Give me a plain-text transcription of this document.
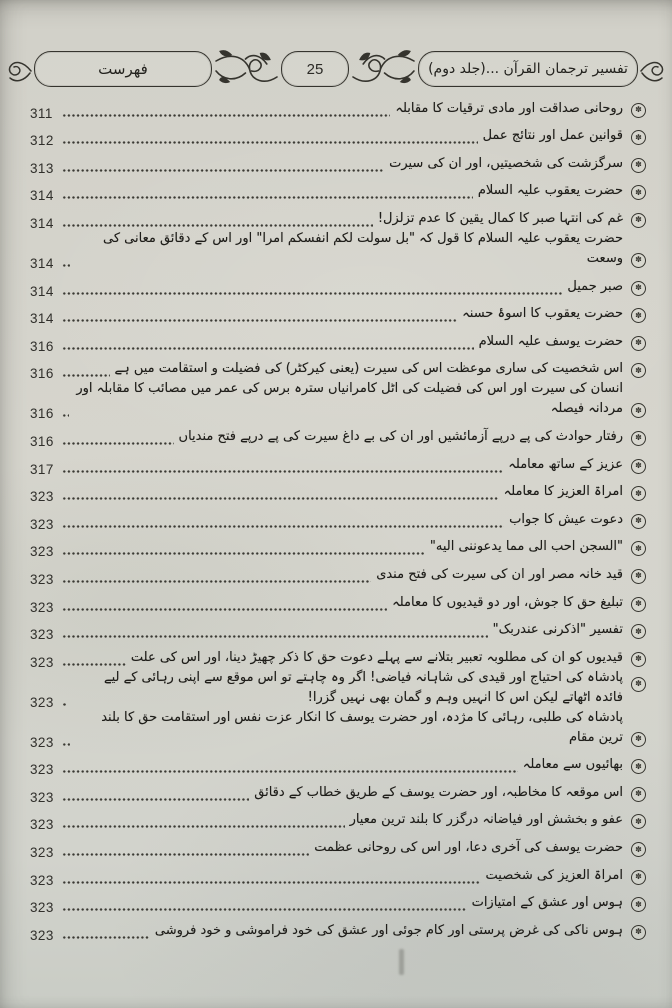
تفسير ترجمان القرآن ...(جلد دوم)
25
فهرست
✽
روحانی صداقت اور مادی ترقیات کا مقابلہ
311
✽
قوانین عمل اور نتائج عمل
312
✽
سرگزشت کی شخصیتیں، اور ان کی سیرت
313
✽
حضرت یعقوب علیہ السلام
314
✽
غم کی انتہا صبر کا کمال یقین کا عدم تزلزل!
314
✽
حضرت یعقوب علیہ السلام کا قول کہ "بل سولت لکم انفسکم امرا" اور اس کے دقائق معانی کی وسعت
314
✽
صبر جمیل
314
✽
حضرت یعقوب کا اسوۂ حسنہ
314
✽
حضرت یوسف علیہ السلام
316
✽
اس شخصیت کی ساری موعظت اس کی سیرت (یعنی کیرکٹر) کی فضیلت و استقامت میں ہے
316
✽
انسان کی سیرت اور اس کی فضیلت کی اٹل کامرانیاں سترہ برس کی عمر میں مصائب کا مقابلہ اور مردانہ فیصلہ
316
✽
رفتار حوادث کی پے درپے آزمائشیں اور ان کی بے داغ سیرت کی پے درپے فتح مندیاں
316
✽
عزیز کے ساتھ معاملہ
317
✽
امراۃ العزیز کا معاملہ
323
✽
دعوت عیش کا جواب
323
✽
"السجن احب الی مما یدعوننی الیه"
323
✽
قید خانہ مصر اور ان کی سیرت کی فتح مندی
323
✽
تبلیغ حق کا جوش، اور دو قیدیوں کا معاملہ
323
✽
تفسیر "اذکرنی عندربک"
323
✽
قیدیوں کو ان کی مطلوبہ تعبیر بتلانے سے پہلے دعوت حق کا ذکر چھیڑ دینا، اور اس کی علت
323
✽
پادشاہ کی احتیاج اور قیدی کی شاہانہ فیاضی! اگر وہ چاہتے تو اس موقع سے اپنی رہائی کے لیے فائدہ اٹھاتے لیکن اس کا انہیں وہم و گمان بھی نہیں گزرا!
323
✽
پادشاہ کی طلبی، رہائی کا مژدہ، اور حضرت یوسف کا انکار عزت نفس اور استقامت حق کا بلند ترین مقام
323
✽
بھائیوں سے معاملہ
323
✽
اس موقعہ کا مخاطبہ، اور حضرت یوسف کے طریق خطاب کے دقائق
323
✽
عفو و بخشش اور فیاضانہ درگزر کا بلند ترین معیار
323
✽
حضرت یوسف کی آخری دعا، اور اس کی روحانی عظمت
323
✽
امراۃ العزیز کی شخصیت
323
✽
ہوس اور عشق کے امتیازات
323
✽
ہوس ناکی کی غرض پرستی اور کام جوئی اور عشق کی خود فراموشی و خود فروشی
323
